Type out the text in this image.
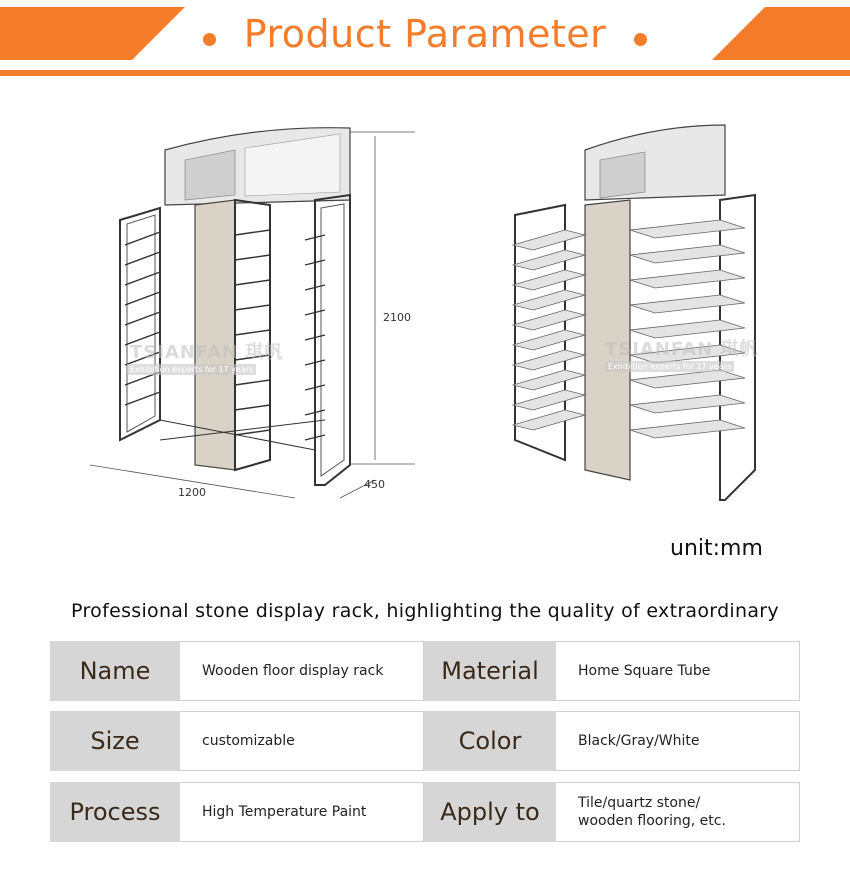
Product Parameter
2100
1200
450
TSIANFAN 琪帆
Exhibition experts for 17 years
TSIANFAN 琪帆
Exhibition experts for 17 years
unit:mm
Professional stone display rack, highlighting the quality of extraordinary
Name	Wooden floor display rack	Material	Home Square Tube
Size	customizable	Color	Black/Gray/White
Process	High Temperature Paint	Apply to	Tile/quartz stone/ wooden flooring, etc.
